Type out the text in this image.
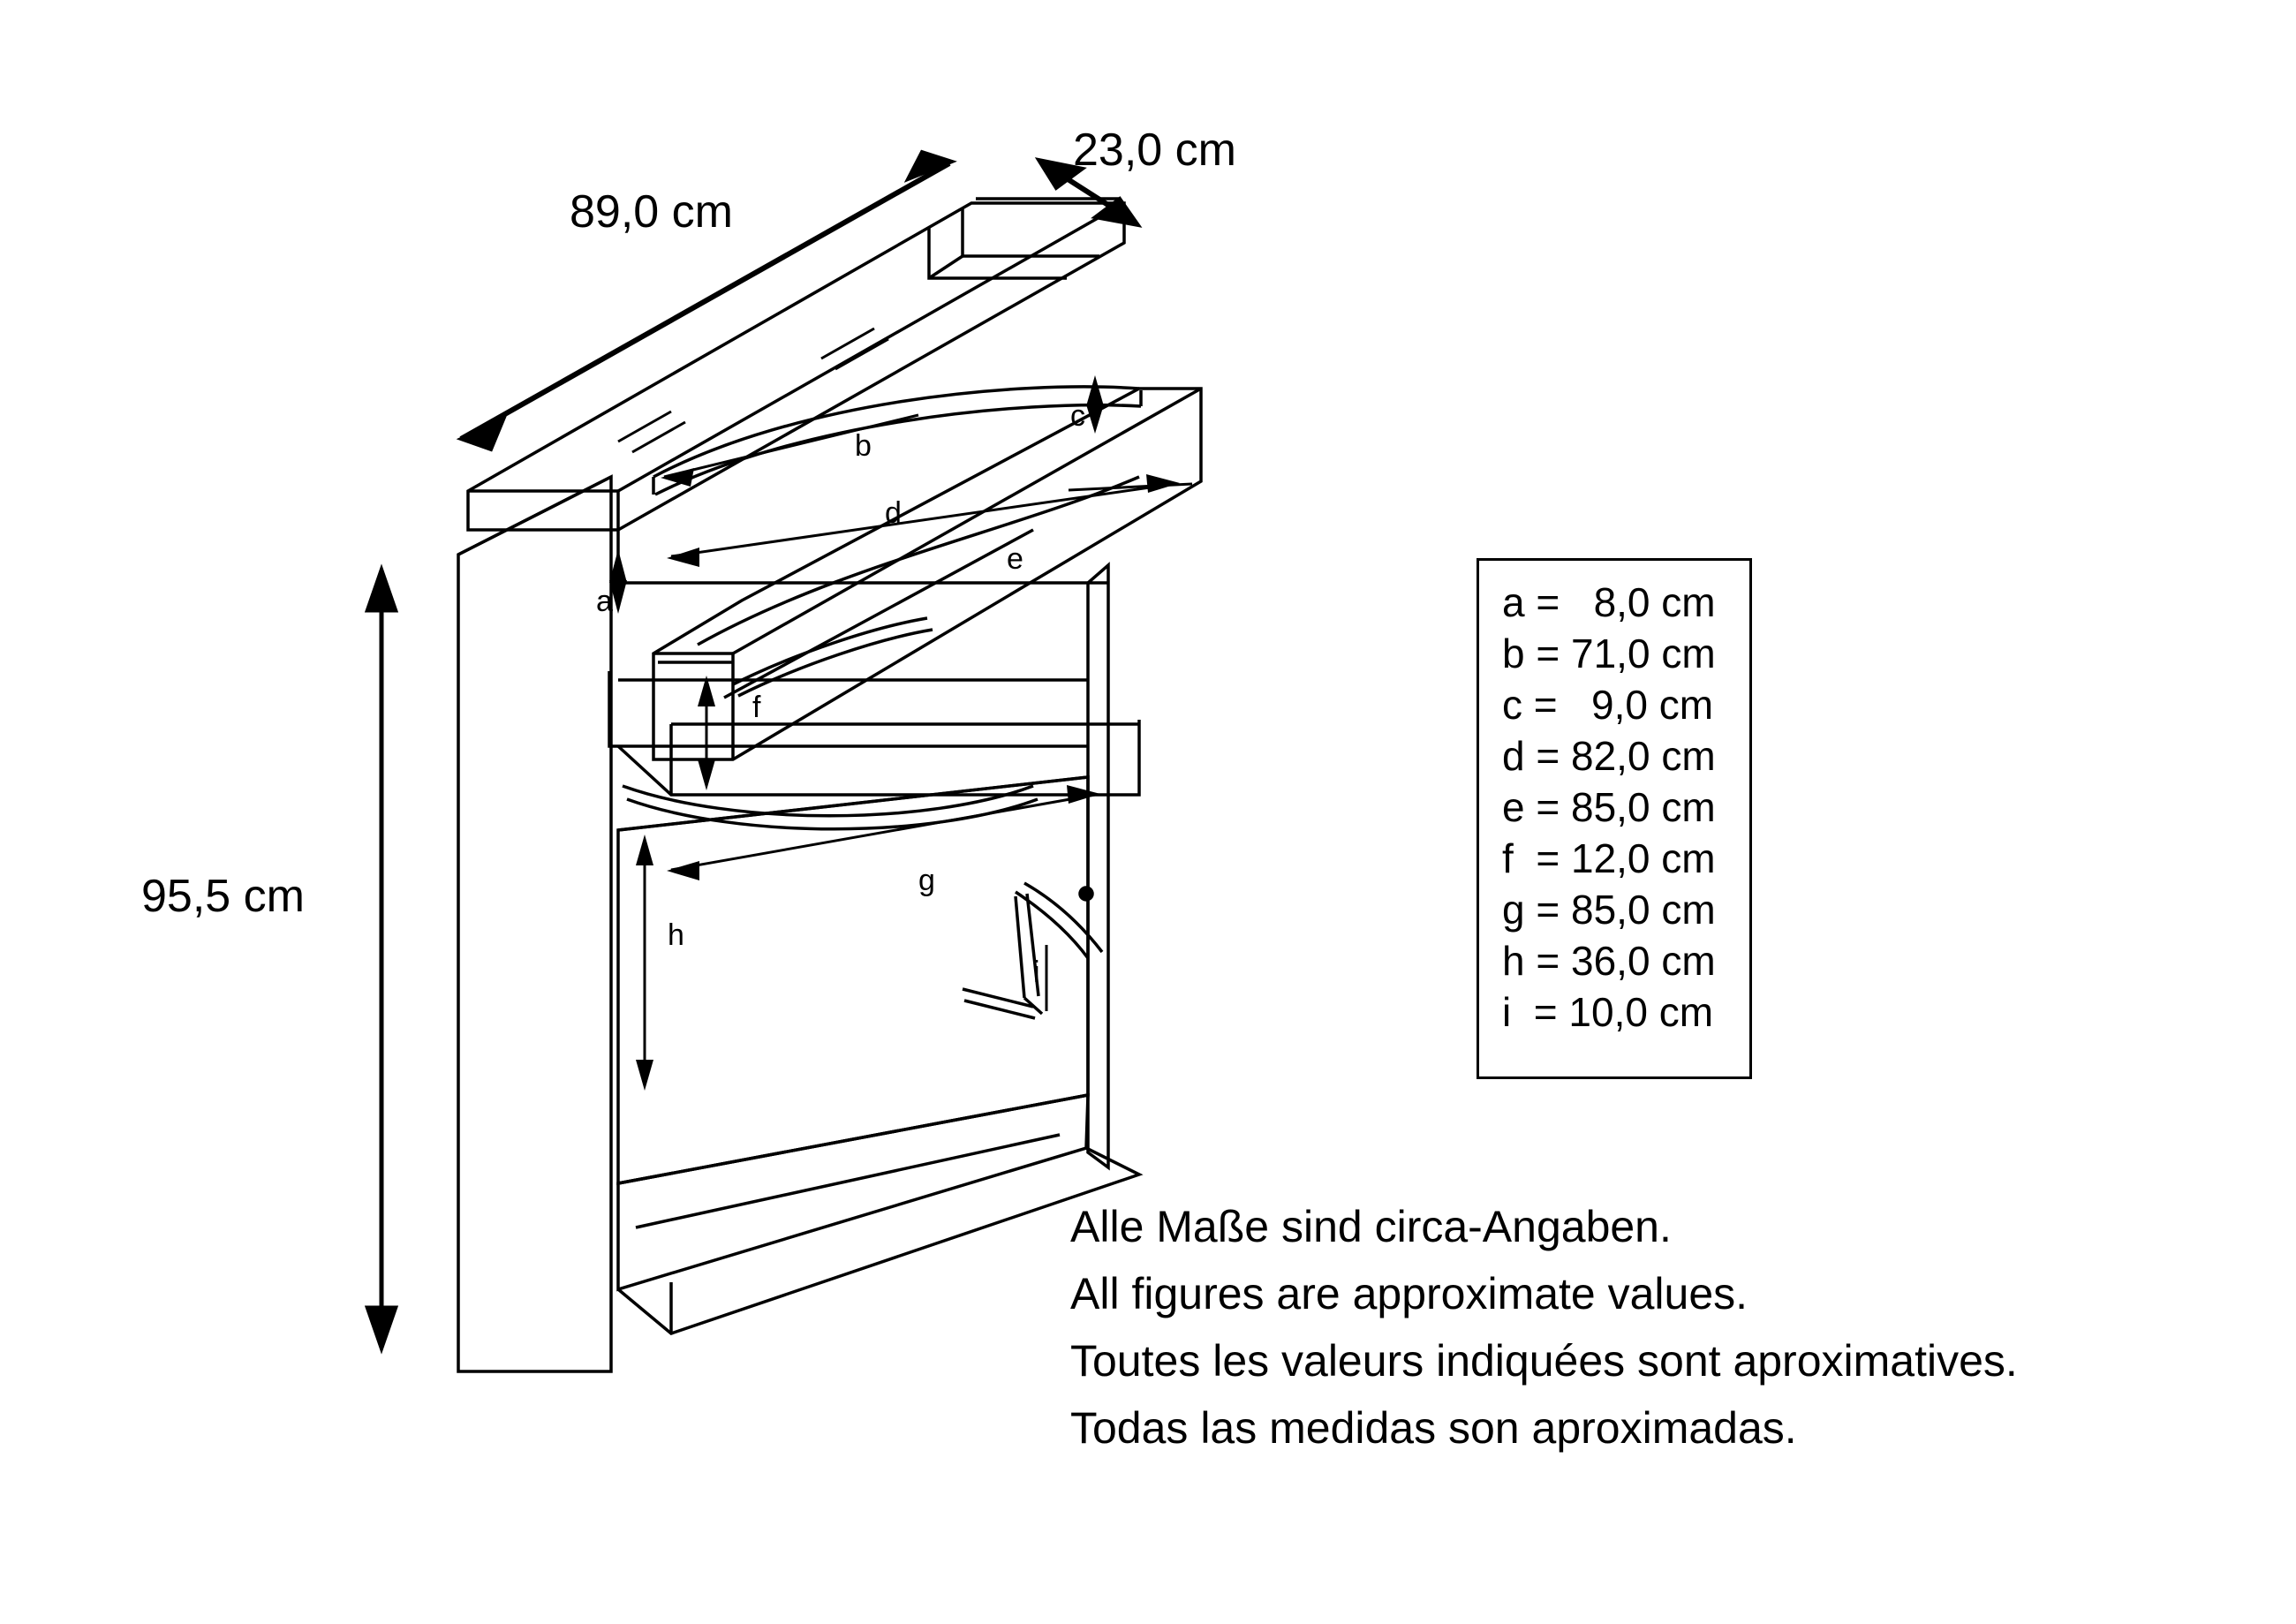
89,0 cm
23,0 cm
95,5 cm
a
b
c
d
e
f
g
h
i
a =   8,0 cm
b = 71,0 cm
c =   9,0 cm
d = 82,0 cm
e = 85,0 cm
f  = 12,0 cm
g = 85,0 cm
h = 36,0 cm
i  = 10,0 cm

Alle Maße sind circa-Angaben.

All figures are approximate values.

Toutes les valeurs indiquées sont aproximatives.

Todas las medidas son aproximadas.
